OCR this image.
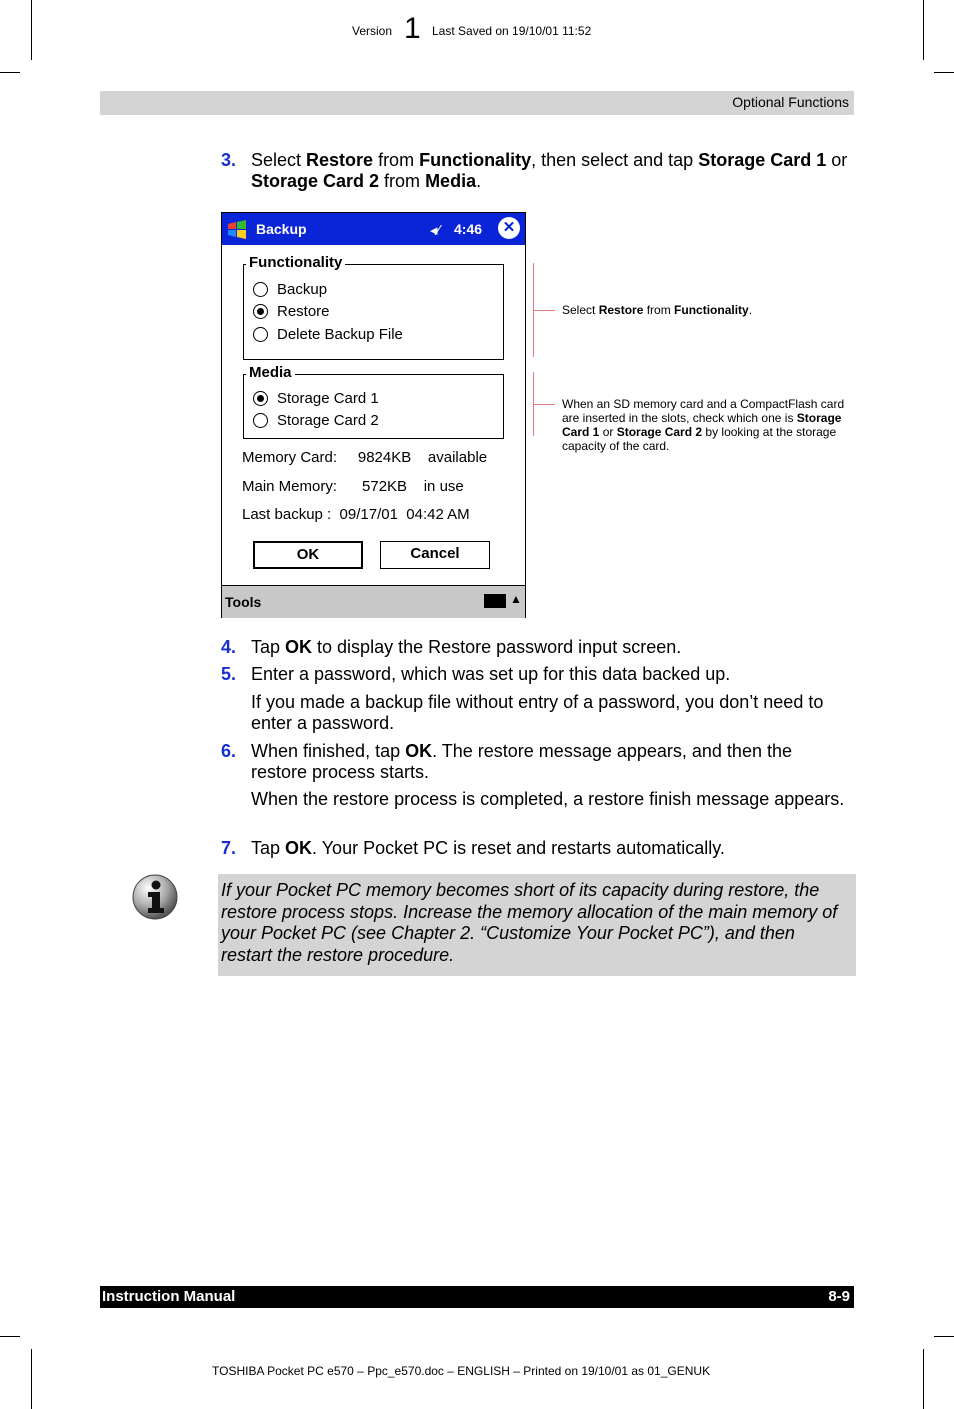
Version 1 Last Saved on 19/10/01 11:52
Optional Functions
3. Select Restore from Functionality, then select and tap Storage Card 1 or Storage Card 2 from Media.
Backup	◂⁄ 4:46	✕
Functionality
Backup
Restore
Delete Backup File
Media
Storage Card 1
Storage Card 2
Memory Card:     9824KB    available
Main Memory:      572KB    in use
Last backup :  09/17/01  04:42 AM
OK	Cancel
Tools	▲
Select Restore from Functionality.
When an SD memory card and a CompactFlash card are inserted in the slots, check which one is Storage Card 1 or Storage Card 2 by looking at the storage capacity of the card.
4. Tap OK to display the Restore password input screen.
5. Enter a password, which was set up for this data backed up.
If you made a backup file without entry of a password, you don’t need to enter a password.
6. When finished, tap OK. The restore message appears, and then the restore process starts.
When the restore process is completed, a restore finish message appears.
7. Tap OK. Your Pocket PC is reset and restarts automatically.
If your Pocket PC memory becomes short of its capacity during restore, the restore process stops. Increase the memory allocation of the main memory of your Pocket PC (see Chapter 2. “Customize Your Pocket PC”), and then restart the restore procedure.
Instruction Manual	8-9
TOSHIBA Pocket PC e570 – Ppc_e570.doc – ENGLISH – Printed on 19/10/01 as 01_GENUK
